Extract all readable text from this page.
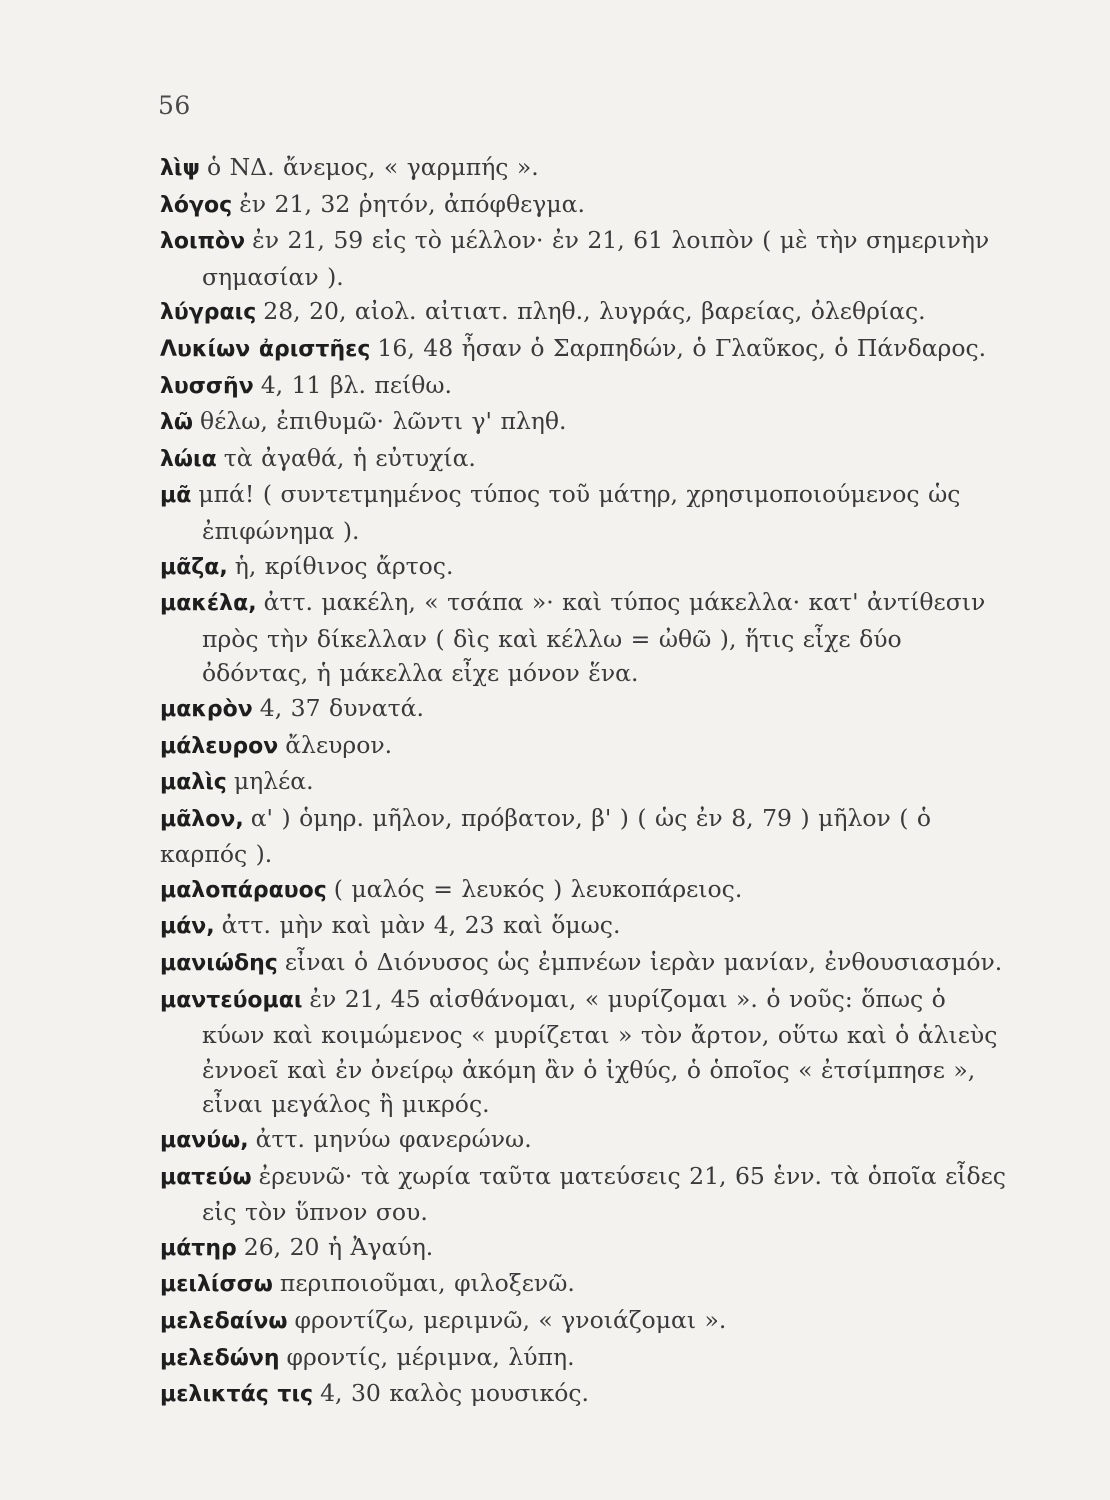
56

λὶψ ὁ ΝΔ. ἄνεμος, « γαρμπής ».

λόγος ἐν 21, 32 ῥητόν, ἀπόφθεγμα.

λοιπὸν ἐν 21, 59 εἰς τὸ μέλλον· ἐν 21, 61 λοιπὸν ( μὲ τὴν σημερινὴν σημασίαν ).

λύγραις 28, 20, αἰολ. αἰτιατ. πληθ., λυγράς, βαρείας, ὀλεθρίας.

Λυκίων ἀριστῆες 16, 48 ἦσαν ὁ Σαρπηδών, ὁ Γλαῦκος, ὁ Πάνδαρος.

λυσσῆν 4, 11 βλ. πείθω.

λῶ θέλω, ἐπιθυμῶ· λῶντι γ' πληθ.

λώια τὰ ἀγαθά, ἡ εὐτυχία.

μᾶ μπά! ( συντετμημένος τύπος τοῦ μάτηρ, χρησιμοποιούμενος ὡς ἐπιφώνημα ).

μᾶζα, ἡ, κρίθινος ἄρτος.

μακέλα, ἀττ. μακέλη, « τσάπα »· καὶ τύπος μάκελλα· κατ' ἀντίθεσιν πρὸς τὴν δίκελλαν ( δὶς καὶ κέλλω = ὠθῶ ), ἥτις εἶχε δύο ὀδόντας, ἡ μάκελλα εἶχε μόνον ἕνα.

μακρὸν 4, 37 δυνατά.

μάλευρον ἄλευρον.

μαλὶς μηλέα.

μᾶλον, α' ) ὁμηρ. μῆλον, πρόβατον, β' ) ( ὡς ἐν 8, 79 ) μῆλον ( ὁ καρπός ).

μαλοπάραυος ( μαλός = λευκός ) λευκοπάρειος.

μάν, ἀττ. μὴν καὶ μὰν 4, 23 καὶ ὅμως.

μανιώδης εἶναι ὁ Διόνυσος ὡς ἐμπνέων ἱερὰν μανίαν, ἐνθουσιασμόν.

μαντεύομαι ἐν 21, 45 αἰσθάνομαι, « μυρίζομαι ». ὁ νοῦς: ὅπως ὁ κύων καὶ κοιμώμενος « μυρίζεται » τὸν ἄρτον, οὕτω καὶ ὁ ἁλιεὺς ἐννοεῖ καὶ ἐν ὀνείρῳ ἀκόμη ἂν ὁ ἰχθύς, ὁ ὁποῖος « ἐτσίμπησε », εἶναι μεγάλος ἢ μικρός.

μανύω, ἀττ. μηνύω φανερώνω.

ματεύω ἐρευνῶ· τὰ χωρία ταῦτα ματεύσεις 21, 65 ἑνν. τὰ ὁποῖα εἶδες εἰς τὸν ὕπνον σου.

μάτηρ 26, 20 ἡ Ἀγαύη.

μειλίσσω περιποιοῦμαι, φιλοξενῶ.

μελεδαίνω φροντίζω, μεριμνῶ, « γνοιάζομαι ».

μελεδώνη φροντίς, μέριμνα, λύπη.

μελικτάς τις 4, 30 καλὸς μουσικός.
